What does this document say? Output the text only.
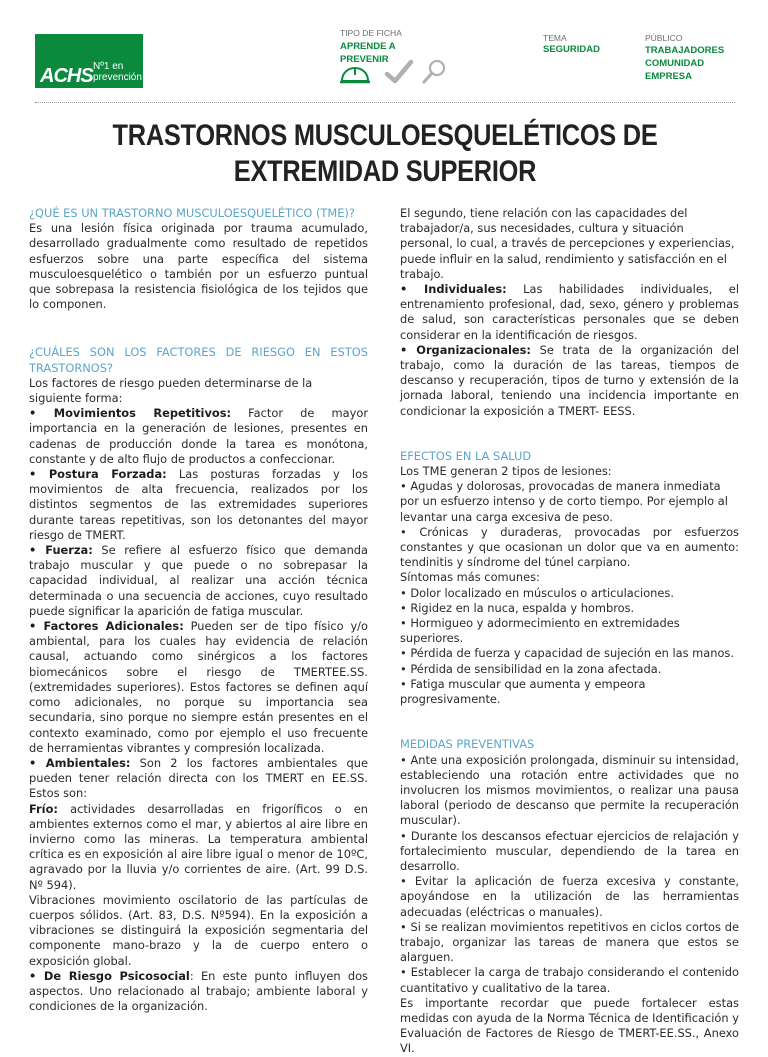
ACHS Nº1 en
prevención
TIPO DE FICHA
APRENDE A
PREVENIR
TEMA
SEGURIDAD
PÚBLICO
TRABAJADORES
COMUNIDAD
EMPRESA
TRASTORNOS MUSCULOESQUELÉTICOS DE
EXTREMIDAD SUPERIOR

¿QUÉ ES UN TRASTORNO MUSCULOESQUELÉTICO (TME)?

Es una lesión física originada por trauma acumulado, desarrollado gradualmente como resultado de repetidos esfuerzos sobre una parte específica del sistema musculoesquelético o también por un esfuerzo puntual que sobrepasa la resistencia fisiológica de los tejidos que lo componen.

¿CUÁLES SON LOS FACTORES DE RIESGO EN ESTOS TRASTORNOS?

Los factores de riesgo pueden determinarse de la siguiente forma:

• Movimientos Repetitivos: Factor de mayor importancia en la generación de lesiones, presentes en cadenas de producción donde la tarea es monótona, constante y de alto flujo de productos a confeccionar.

• Postura Forzada: Las posturas forzadas y los movimientos de alta frecuencia, realizados por los distintos segmentos de las extremidades superiores durante tareas repetitivas, son los detonantes del mayor riesgo de TMERT.

• Fuerza: Se refiere al esfuerzo físico que demanda trabajo muscular y que puede o no sobrepasar la capacidad individual, al realizar una acción técnica determinada o una secuencia de acciones, cuyo resultado puede significar la aparición de fatiga muscular.

• Factores Adicionales: Pueden ser de tipo físico y/o ambiental, para los cuales hay evidencia de relación causal, actuando como sinérgicos a los factores biomecánicos sobre el riesgo de TMERTEE.SS.(extremidades superiores). Estos factores se definen aquí como adicionales, no porque su importancia sea secundaria, sino porque no siempre están presentes en el contexto examinado, como por ejemplo el uso frecuente de herramientas vibrantes y compresión localizada.

• Ambientales: Son 2 los factores ambientales que pueden tener relación directa con los TMERT en EE.SS. Estos son:

Frío: actividades desarrolladas en frigoríficos o en ambientes externos como el mar, y abiertos al aire libre en invierno como las mineras. La temperatura ambiental crítica es en exposición al aire libre igual o menor de 10ºC, agravado por la lluvia y/o corrientes de aire. (Art. 99 D.S. Nº 594).

Vibraciones movimiento oscilatorio de las partículas de cuerpos sólidos. (Art. 83, D.S. Nº594). En la exposición a vibraciones se distinguirá la exposición segmentaria del componente mano-brazo y la de cuerpo entero o exposición global.

• De Riesgo Psicosocial: En este punto influyen dos aspectos. Uno relacionado al trabajo; ambiente laboral y condiciones de la organización.

El segundo, tiene relación con las capacidades del trabajador/a, sus necesidades, cultura y situación personal, lo cual, a través de percepciones y experiencias, puede influir en la salud, rendimiento y satisfacción en el trabajo.

• Individuales: Las habilidades individuales, el entrenamiento profesional, dad, sexo, género y problemas de salud, son características personales que se deben considerar en la identificación de riesgos.

• Organizacionales: Se trata de la organización del trabajo, como la duración de las tareas, tiempos de descanso y recuperación, tipos de turno y extensión de la jornada laboral, teniendo una incidencia importante en condicionar la exposición a TMERT- EESS.

EFECTOS EN LA SALUD

Los TME generan 2 tipos de lesiones:

• Agudas y dolorosas, provocadas de manera inmediata por un esfuerzo intenso y de corto tiempo. Por ejemplo al levantar una carga excesiva de peso.

• Crónicas y duraderas, provocadas por esfuerzos constantes y que ocasionan un dolor que va en aumento: tendinitis y síndrome del túnel carpiano.

Síntomas más comunes:

• Dolor localizado en músculos o articulaciones.

• Rigidez en la nuca, espalda y hombros.

• Hormigueo y adormecimiento en extremidades superiores.

• Pérdida de fuerza y capacidad de sujeción en las manos.

• Pérdida de sensibilidad en la zona afectada.

• Fatiga muscular que aumenta y empeora progresivamente.

MEDIDAS PREVENTIVAS

• Ante una exposición prolongada, disminuir su intensidad, estableciendo una rotación entre actividades que no involucren los mismos movimientos, o realizar una pausa laboral (periodo de descanso que permite la recuperación muscular).

• Durante los descansos efectuar ejercicios de relajación y fortalecimiento muscular, dependiendo de la tarea en desarrollo.

• Evitar la aplicación de fuerza excesiva y constante, apoyándose en la utilización de las herramientas adecuadas (eléctricas o manuales).

• Si se realizan movimientos repetitivos en ciclos cortos de trabajo, organizar las tareas de manera que estos se alarguen.

• Establecer la carga de trabajo considerando el contenido cuantitativo y cualitativo de la tarea.

Es importante recordar que puede fortalecer estas medidas con ayuda de la Norma Técnica de Identificación y Evaluación de Factores de Riesgo de TMERT-EE.SS., Anexo VI.
